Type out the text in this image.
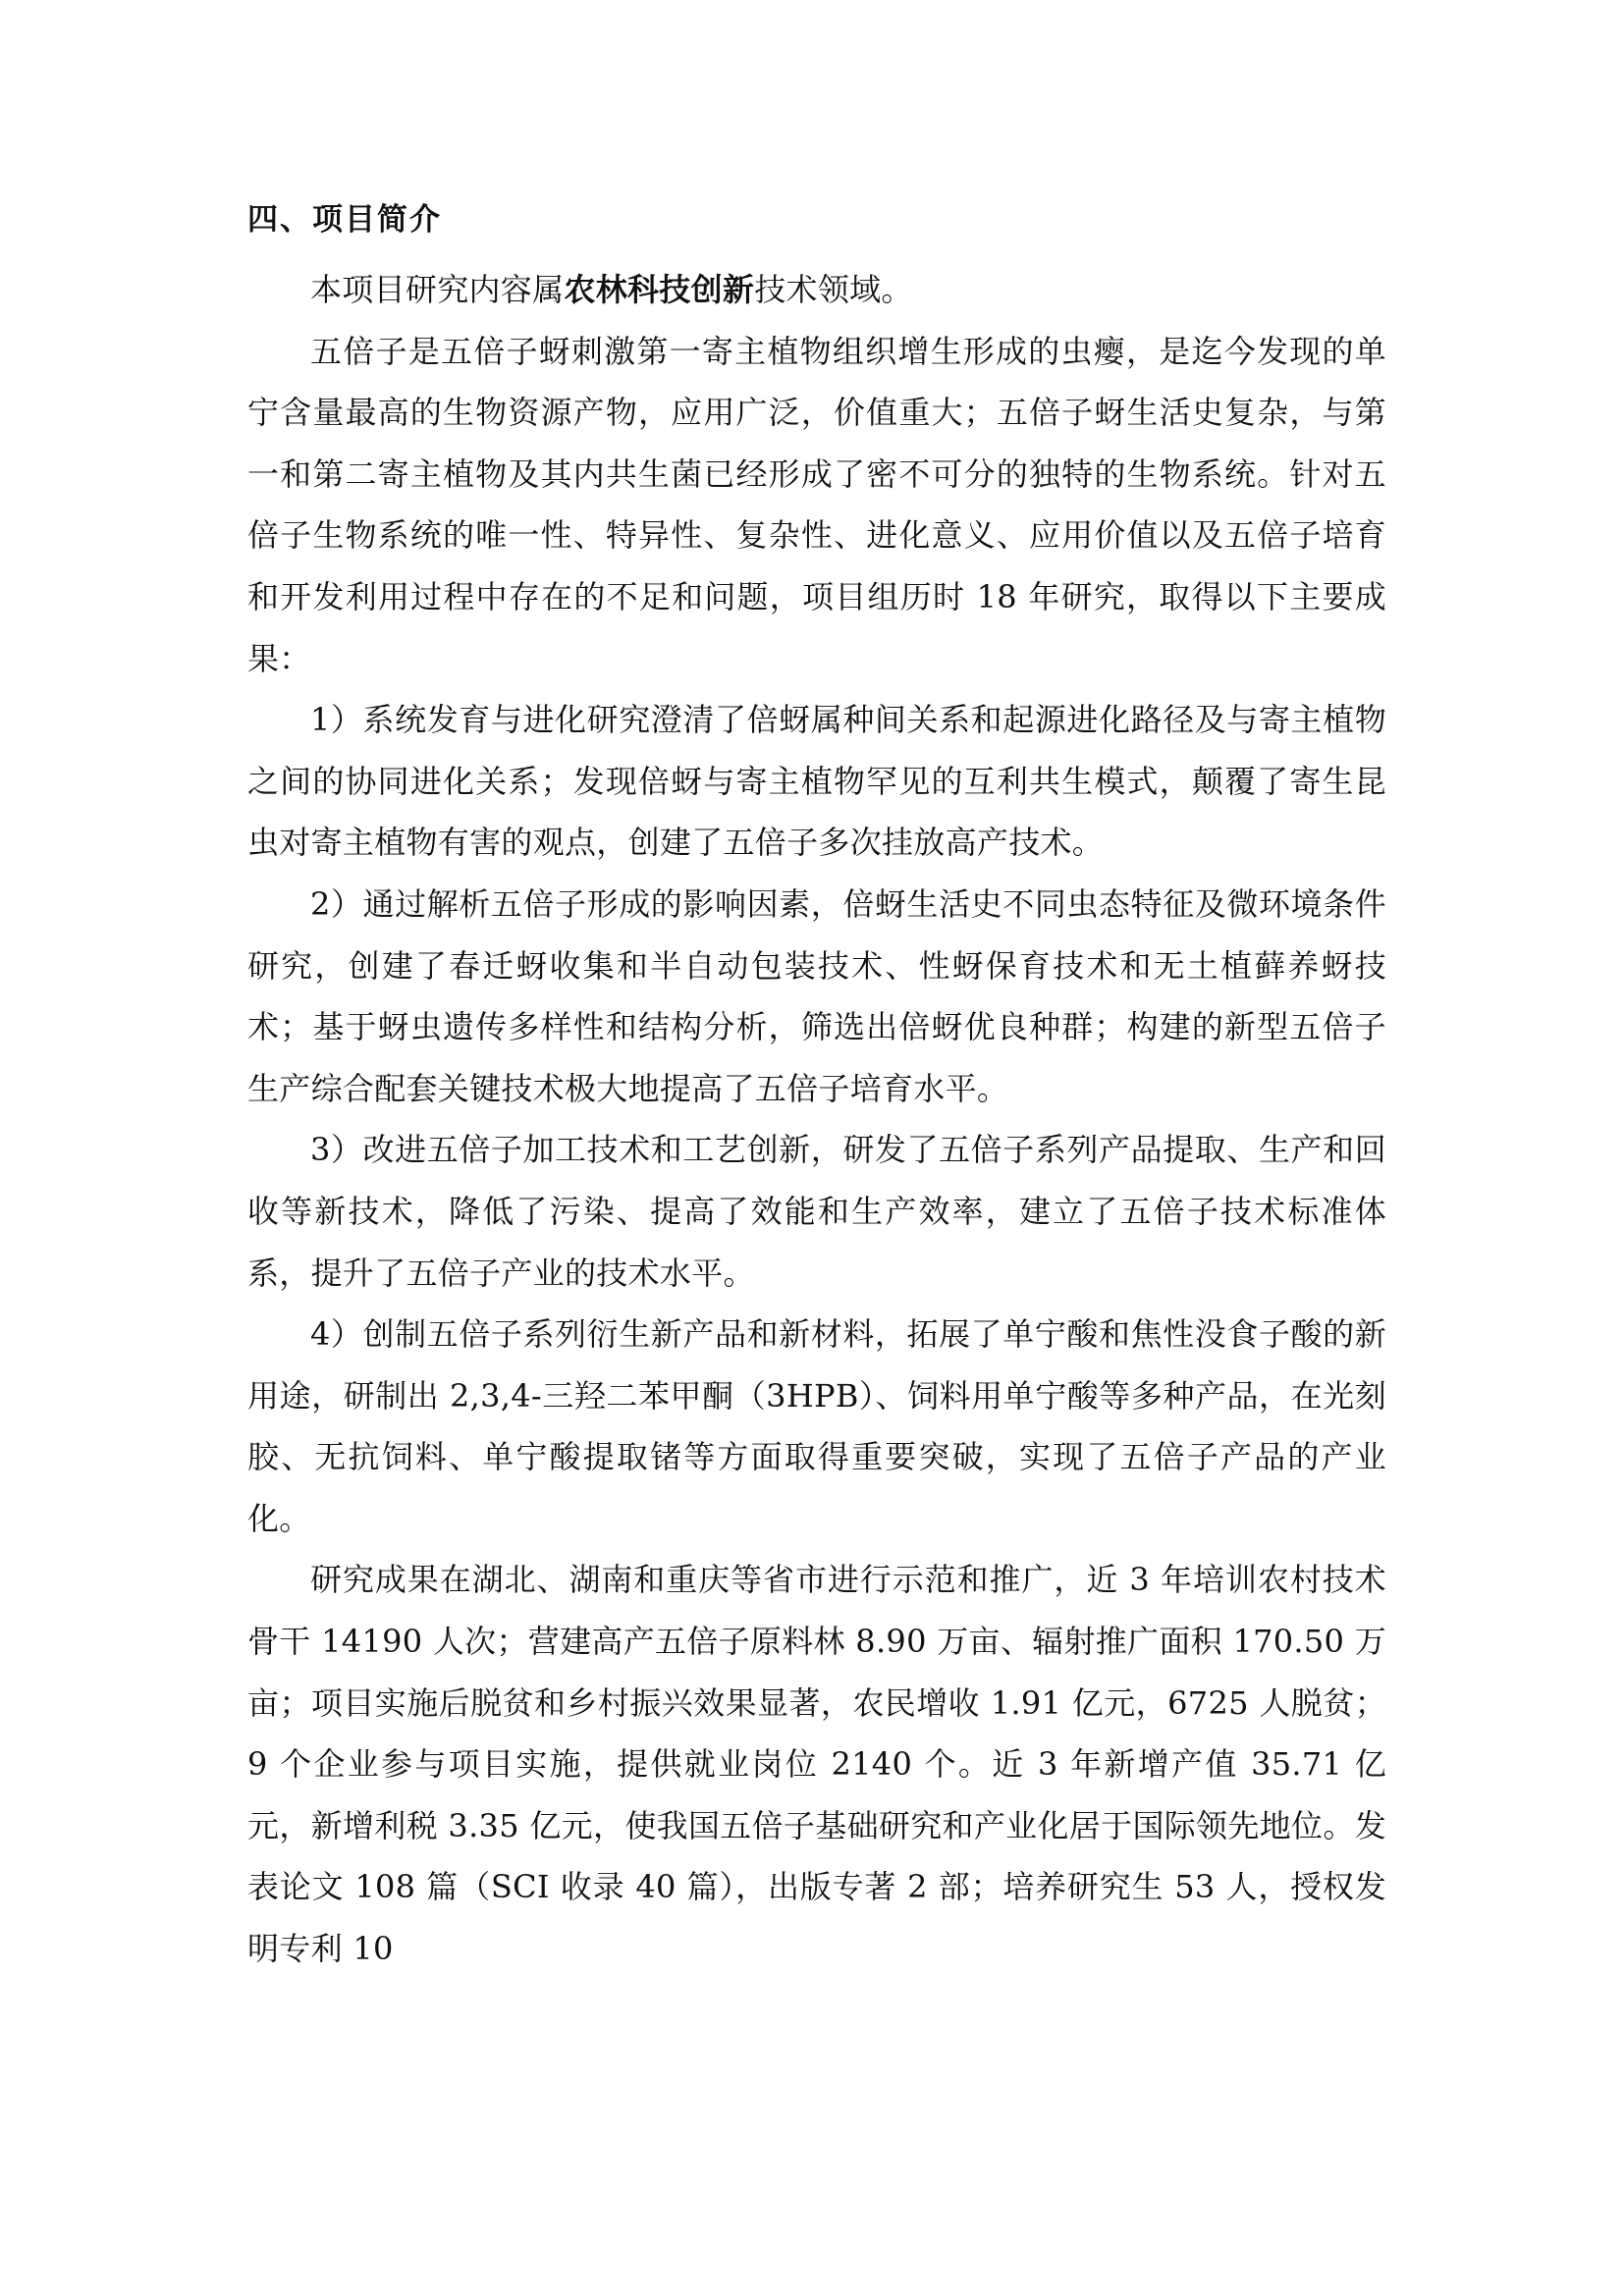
四、项目简介

本项目研究内容属农林科技创新技术领域。

五倍子是五倍子蚜刺激第一寄主植物组织增生形成的虫瘿，是迄今发现的单宁含量最高的生物资源产物，应用广泛，价值重大；五倍子蚜生活史复杂，与第一和第二寄主植物及其内共生菌已经形成了密不可分的独特的生物系统。针对五倍子生物系统的唯一性、特异性、复杂性、进化意义、应用价值以及五倍子培育和开发利用过程中存在的不足和问题，项目组历时 18 年研究，取得以下主要成果：

1）系统发育与进化研究澄清了倍蚜属种间关系和起源进化路径及与寄主植物之间的协同进化关系；发现倍蚜与寄主植物罕见的互利共生模式，颠覆了寄生昆虫对寄主植物有害的观点，创建了五倍子多次挂放高产技术。

2）通过解析五倍子形成的影响因素，倍蚜生活史不同虫态特征及微环境条件研究，创建了春迁蚜收集和半自动包装技术、性蚜保育技术和无土植藓养蚜技术；基于蚜虫遗传多样性和结构分析，筛选出倍蚜优良种群；构建的新型五倍子生产综合配套关键技术极大地提高了五倍子培育水平。

3）改进五倍子加工技术和工艺创新，研发了五倍子系列产品提取、生产和回收等新技术，降低了污染、提高了效能和生产效率，建立了五倍子技术标准体系，提升了五倍子产业的技术水平。

4）创制五倍子系列衍生新产品和新材料，拓展了单宁酸和焦性没食子酸的新用途，研制出 2,3,4-三羟二苯甲酮（3HPB）、饲料用单宁酸等多种产品，在光刻胶、无抗饲料、单宁酸提取锗等方面取得重要突破，实现了五倍子产品的产业化。

研究成果在湖北、湖南和重庆等省市进行示范和推广，近 3 年培训农村技术骨干 14190 人次；营建高产五倍子原料林 8.90 万亩、辐射推广面积 170.50 万亩；项目实施后脱贫和乡村振兴效果显著，农民增收 1.91 亿元，6725 人脱贫；9 个企业参与项目实施，提供就业岗位 2140 个。近 3 年新增产值 35.71 亿元，新增利税 3.35 亿元，使我国五倍子基础研究和产业化居于国际领先地位。发表论文 108 篇（SCI 收录 40 篇），出版专著 2 部；培养研究生 53 人，授权发明专利 10
